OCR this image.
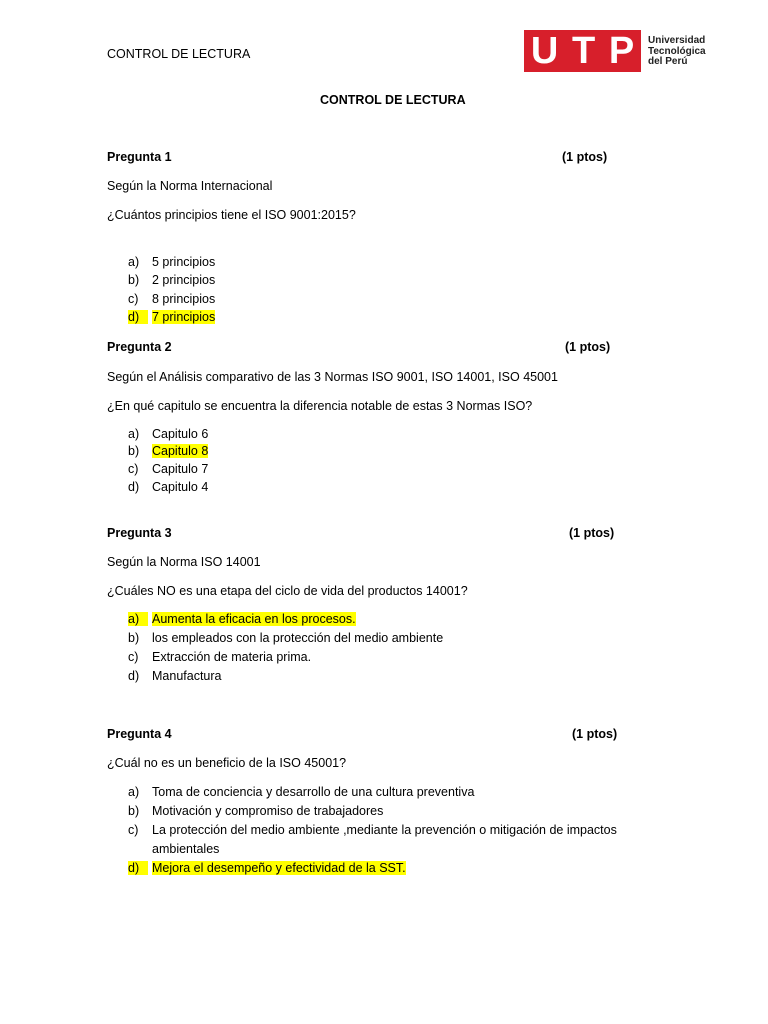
CONTROL DE LECTURA	U T P Universidad
Tecnológica
del Perú
CONTROL DE LECTURA
Pregunta 1	(1 ptos)
Según la Norma Internacional
¿Cuántos principios tiene el ISO 9001:2015?
a)	5 principios
b)	2 principios
c)	8 principios
d)	7 principios
Pregunta 2	(1 ptos)
Según el Análisis comparativo de las 3 Normas ISO 9001, ISO 14001, ISO 45001
¿En qué capitulo se encuentra la diferencia notable de estas 3 Normas ISO?
a)	Capitulo 6
b)	Capitulo 8
c)	Capitulo 7
d)	Capitulo 4
Pregunta 3	(1 ptos)
Según la Norma ISO 14001
¿Cuáles NO es una etapa del ciclo de vida del productos 14001?
a)	Aumenta la eficacia en los procesos.
b)	los empleados con la protección del medio ambiente
c)	Extracción de materia prima.
d)	Manufactura
Pregunta 4	(1 ptos)
¿Cuál no es un beneficio de la ISO 45001?
a)	Toma de conciencia y desarrollo de una cultura preventiva
b)	Motivación y compromiso de trabajadores
c)	La protección del medio ambiente ,mediante la prevención o mitigación de impactos
ambientales
d)	Mejora el desempeño y efectividad de la SST.
